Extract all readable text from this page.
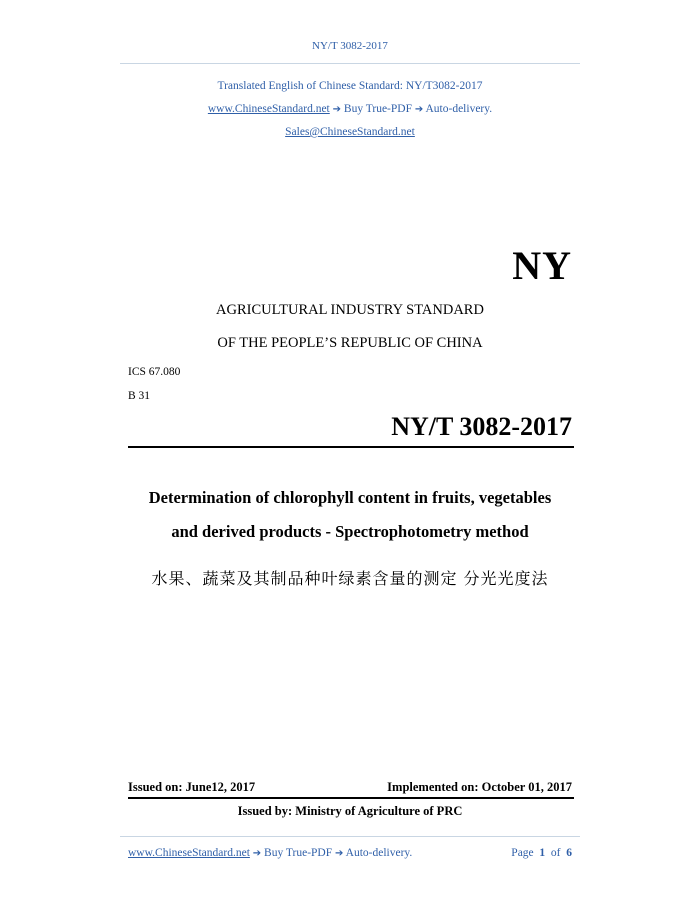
NY/T 3082-2017
Translated English of Chinese Standard: NY/T3082-2017
www.ChineseStandard.net ➔ Buy True-PDF ➔ Auto-delivery.
Sales@ChineseStandard.net
NY
AGRICULTURAL INDUSTRY STANDARD
OF THE PEOPLE’S REPUBLIC OF CHINA
ICS 67.080
B 31
NY/T 3082-2017
Determination of chlorophyll content in fruits, vegetables
and derived products - Spectrophotometry method
水果、蔬菜及其制品种叶绿素含量的测定 分光光度法
Issued on: June12, 2017	Implemented on: October 01, 2017
Issued by: Ministry of Agriculture of PRC
www.ChineseStandard.net ➔ Buy True-PDF ➔ Auto-delivery.	Page 1 of 6
